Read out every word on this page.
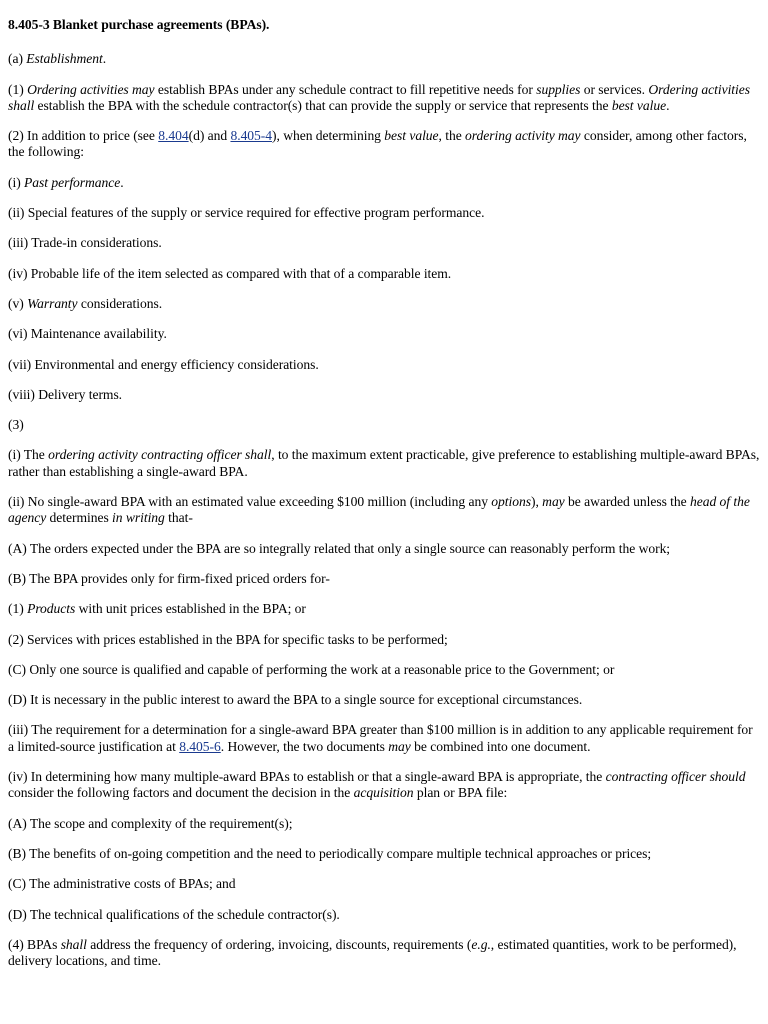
8.405-3 Blanket purchase agreements (BPAs).

(a) Establishment.

(1) Ordering activities may establish BPAs under any schedule contract to fill repetitive needs for supplies or services. Ordering activities shall establish the BPA with the schedule contractor(s) that can provide the supply or service that represents the best value.

(2) In addition to price (see 8.404(d) and 8.405-4), when determining best value, the ordering activity may consider, among other factors, the following:

(i) Past performance.

(ii) Special features of the supply or service required for effective program performance.

(iii) Trade-in considerations.

(iv) Probable life of the item selected as compared with that of a comparable item.

(v) Warranty considerations.

(vi) Maintenance availability.

(vii) Environmental and energy efficiency considerations.

(viii) Delivery terms.

(3)

(i) The ordering activity contracting officer shall, to the maximum extent practicable, give preference to establishing multiple-award BPAs, rather than establishing a single-award BPA.

(ii) No single-award BPA with an estimated value exceeding $100 million (including any options), may be awarded unless the head of the agency determines in writing that-

(A) The orders expected under the BPA are so integrally related that only a single source can reasonably perform the work;

(B) The BPA provides only for firm-fixed priced orders for-

(1) Products with unit prices established in the BPA; or

(2) Services with prices established in the BPA for specific tasks to be performed;

(C) Only one source is qualified and capable of performing the work at a reasonable price to the Government; or

(D) It is necessary in the public interest to award the BPA to a single source for exceptional circumstances.

(iii) The requirement for a determination for a single-award BPA greater than $100 million is in addition to any applicable requirement for a limited-source justification at 8.405-6. However, the two documents may be combined into one document.

(iv) In determining how many multiple-award BPAs to establish or that a single-award BPA is appropriate, the contracting officer should consider the following factors and document the decision in the acquisition plan or BPA file:

(A) The scope and complexity of the requirement(s);

(B) The benefits of on-going competition and the need to periodically compare multiple technical approaches or prices;

(C) The administrative costs of BPAs; and

(D) The technical qualifications of the schedule contractor(s).

(4) BPAs shall address the frequency of ordering, invoicing, discounts, requirements (e.g., estimated quantities, work to be performed), delivery locations, and time.
